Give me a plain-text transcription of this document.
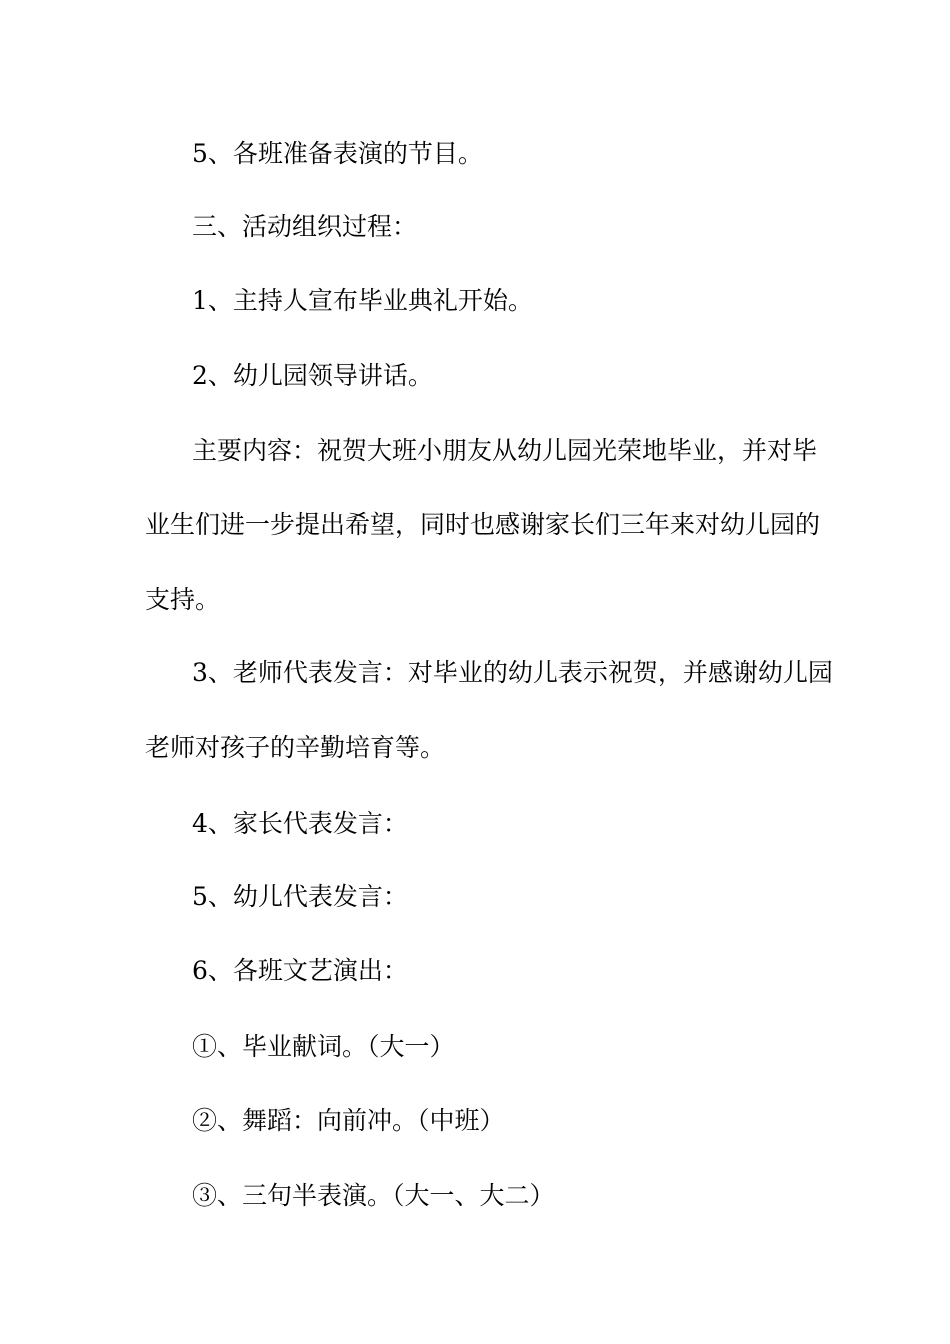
5、各班准备表演的节目。
三、活动组织过程：
1、主持人宣布毕业典礼开始。
2、幼儿园领导讲话。
主要内容：祝贺大班小朋友从幼儿园光荣地毕业，并对毕
业生们进一步提出希望，同时也感谢家长们三年来对幼儿园的
支持。
3、老师代表发言：对毕业的幼儿表示祝贺，并感谢幼儿园
老师对孩子的辛勤培育等。
4、家长代表发言：
5、幼儿代表发言：
6、各班文艺演出：
①、毕业献词。（大一）
②、舞蹈：向前冲。（中班）
③、三句半表演。（大一、大二）
